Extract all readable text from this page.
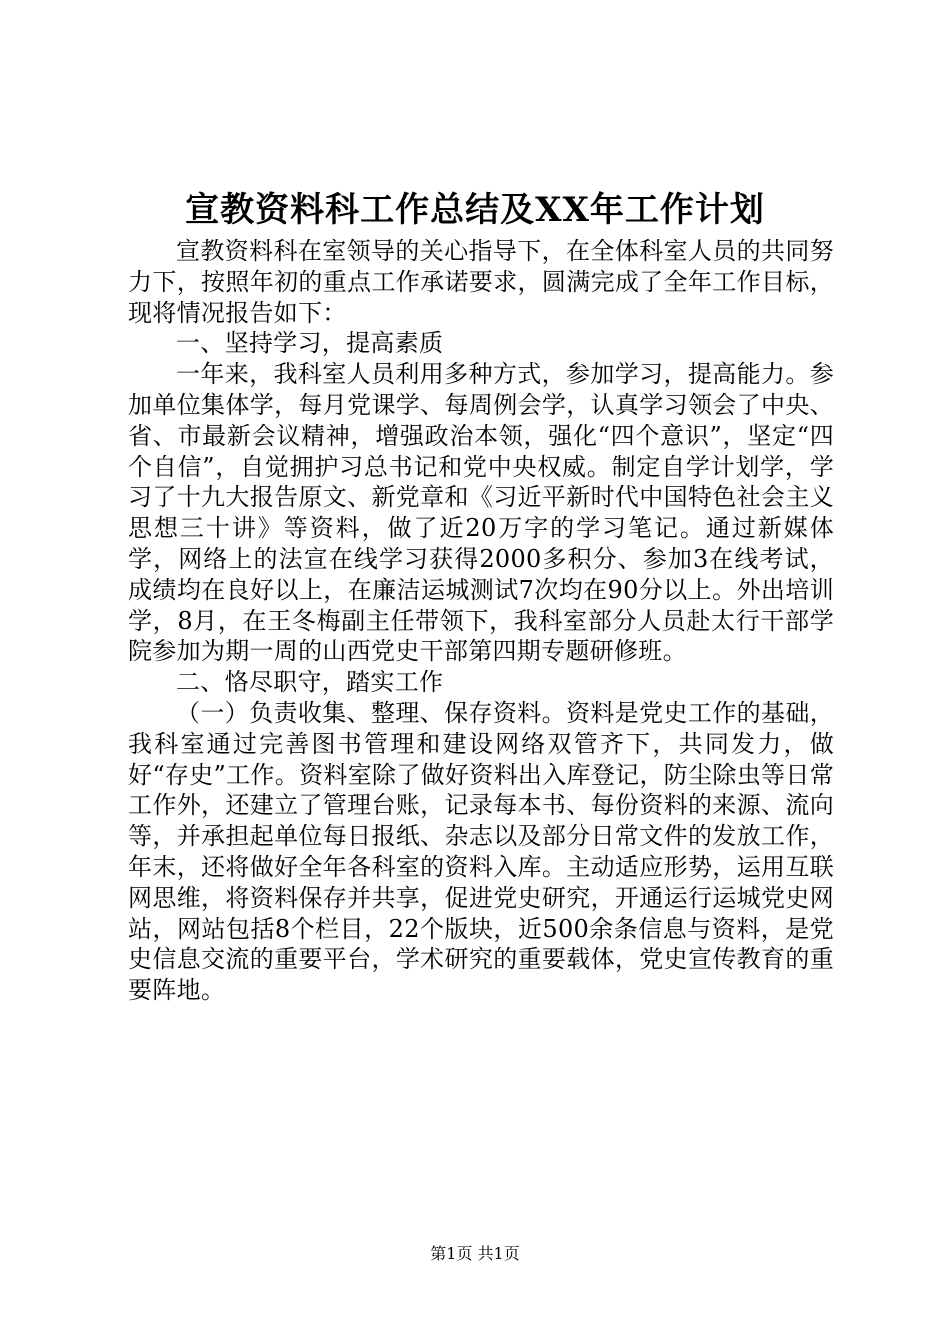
宣教资料科工作总结及XX年工作计划

宣教资料科在室领导的关心指导下，在全体科室人员的共同努力下，按照年初的重点工作承诺要求，圆满完成了全年工作目标，现将情况报告如下：

一、坚持学习，提高素质

一年来，我科室人员利用多种方式，参加学习，提高能力。参加单位集体学，每月党课学、每周例会学，认真学习领会了中央、省、市最新会议精神，增强政治本领，强化“四个意识”，坚定“四个自信”，自觉拥护习总书记和党中央权威。制定自学计划学，学习了十九大报告原文、新党章和《习近平新时代中国特色社会主义思想三十讲》等资料，做了近20万字的学习笔记。通过新媒体学，网络上的法宣在线学习获得2000多积分、参加3在线考试，成绩均在良好以上，在廉洁运城测试7次均在90分以上。外出培训学，8月，在王冬梅副主任带领下，我科室部分人员赴太行干部学院参加为期一周的山西党史干部第四期专题研修班。

二、恪尽职守，踏实工作

（一）负责收集、整理、保存资料。资料是党史工作的基础，我科室通过完善图书管理和建设网络双管齐下，共同发力，做好“存史”工作。资料室除了做好资料出入库登记，防尘除虫等日常工作外，还建立了管理台账，记录每本书、每份资料的来源、流向等，并承担起单位每日报纸、杂志以及部分日常文件的发放工作，年末，还将做好全年各科室的资料入库。主动适应形势，运用互联网思维，将资料保存并共享，促进党史研究，开通运行运城党史网站，网站包括8个栏目，22个版块，近500余条信息与资料，是党史信息交流的重要平台，学术研究的重要载体，党史宣传教育的重要阵地。

第1页 共1页
